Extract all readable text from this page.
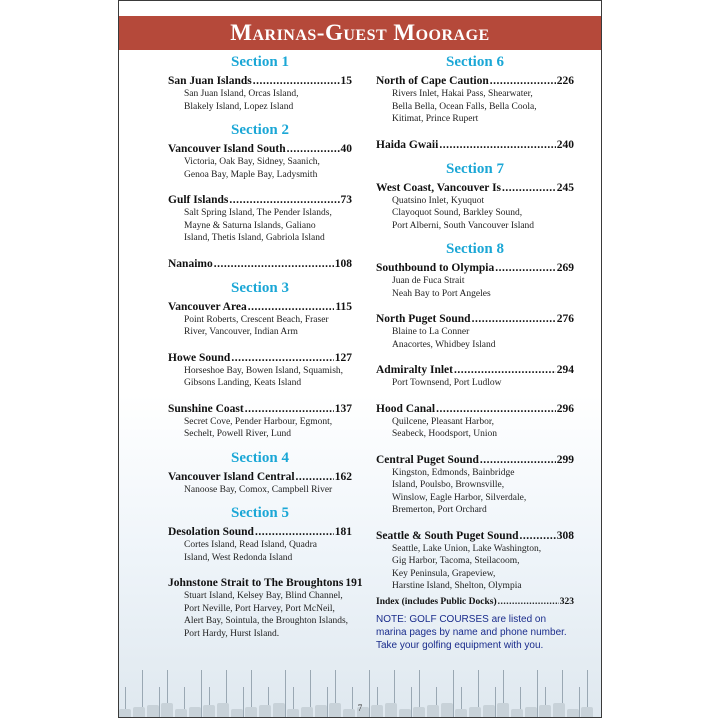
Marinas-Guest Moorage
Section 1
San Juan Islands .....	15
San Juan Island, Orcas Island,
Blakely Island, Lopez Island
Section 2
Vancouver Island South .....	40
Victoria, Oak Bay, Sidney, Saanich,
Genoa Bay, Maple Bay, Ladysmith
Gulf Islands .....	73
Salt Spring Island, The Pender Islands,
Mayne & Saturna Islands, Galiano
Island, Thetis Island, Gabriola Island
Nanaimo .....	108
Section 3
Vancouver Area .....	115
Point Roberts, Crescent Beach, Fraser
River, Vancouver, Indian Arm
Howe Sound .....	127
Horseshoe Bay, Bowen Island, Squamish,
Gibsons Landing, Keats Island
Sunshine Coast .....	137
Secret Cove, Pender Harbour, Egmont,
Sechelt, Powell River, Lund
Section 4
Vancouver Island Central .....	162
Nanoose Bay, Comox, Campbell River
Section 5
Desolation Sound .....	181
Cortes Island, Read Island, Quadra
Island, West Redonda Island
Johnstone Strait to The Broughtons 191
Stuart Island, Kelsey Bay, Blind Channel,
Port Neville, Port Harvey, Port McNeil,
Alert Bay, Sointula, the Broughton Islands,
Port Hardy, Hurst Island.
Section 6
North of Cape Caution .....	226
Rivers Inlet, Hakai Pass, Shearwater,
Bella Bella, Ocean Falls, Bella Coola,
Kitimat, Prince Rupert
Haida Gwaii .....	240
Section 7
West Coast, Vancouver Is .....	245
Quatsino Inlet, Kyuquot
Clayoquot Sound, Barkley Sound,
Port Alberni, South Vancouver Island
Section 8
Southbound to Olympia .....	269
Juan de Fuca Strait
Neah Bay to Port Angeles
North Puget Sound .....	276
Blaine to La Conner
Anacortes, Whidbey Island
Admiralty Inlet .....	294
Port Townsend, Port Ludlow
Hood Canal .....	296
Quilcene, Pleasant Harbor,
Seabeck, Hoodsport, Union
Central Puget Sound .....	299
Kingston, Edmonds, Bainbridge
Island, Poulsbo, Brownsville,
Winslow, Eagle Harbor, Silverdale,
Bremerton, Port Orchard
Seattle & South Puget Sound .....	308
Seattle, Lake Union, Lake Washington,
Gig Harbor, Tacoma, Steilacoom,
Key Peninsula, Grapeview,
Harstine Island, Shelton, Olympia
Index (includes Public Docks) .....	323
NOTE: GOLF COURSES are listed on marina pages by name and phone number. Take your golfing equipment with you.
7
